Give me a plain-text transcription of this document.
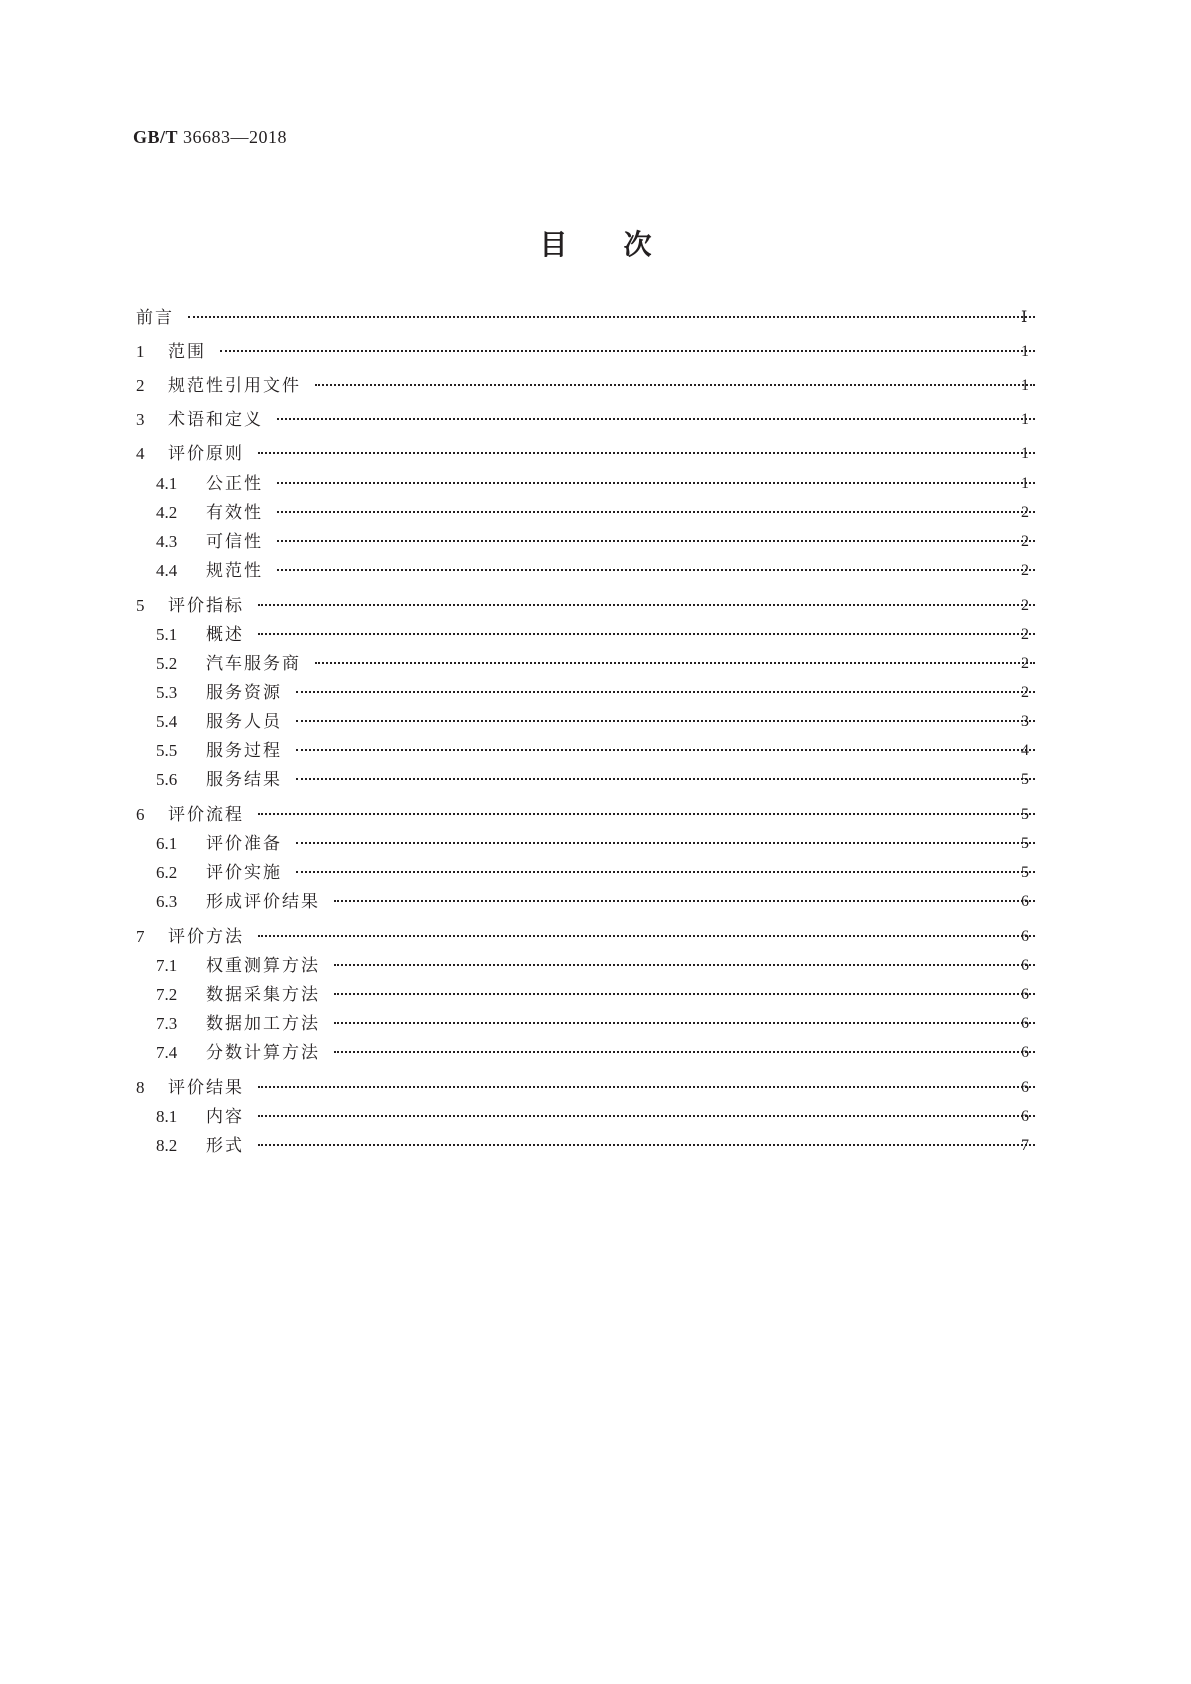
GB/T 36683—2018
目次
前言	Ⅰ
1 范围	1
2 规范性引用文件	1
3 术语和定义	1
4 评价原则	1
4.1 公正性	1
4.2 有效性	2
4.3 可信性	2
4.4 规范性	2
5 评价指标	2
5.1 概述	2
5.2 汽车服务商	2
5.3 服务资源	2
5.4 服务人员	3
5.5 服务过程	4
5.6 服务结果	5
6 评价流程	5
6.1 评价准备	5
6.2 评价实施	5
6.3 形成评价结果	6
7 评价方法	6
7.1 权重测算方法	6
7.2 数据采集方法	6
7.3 数据加工方法	6
7.4 分数计算方法	6
8 评价结果	6
8.1 内容	6
8.2 形式	7
